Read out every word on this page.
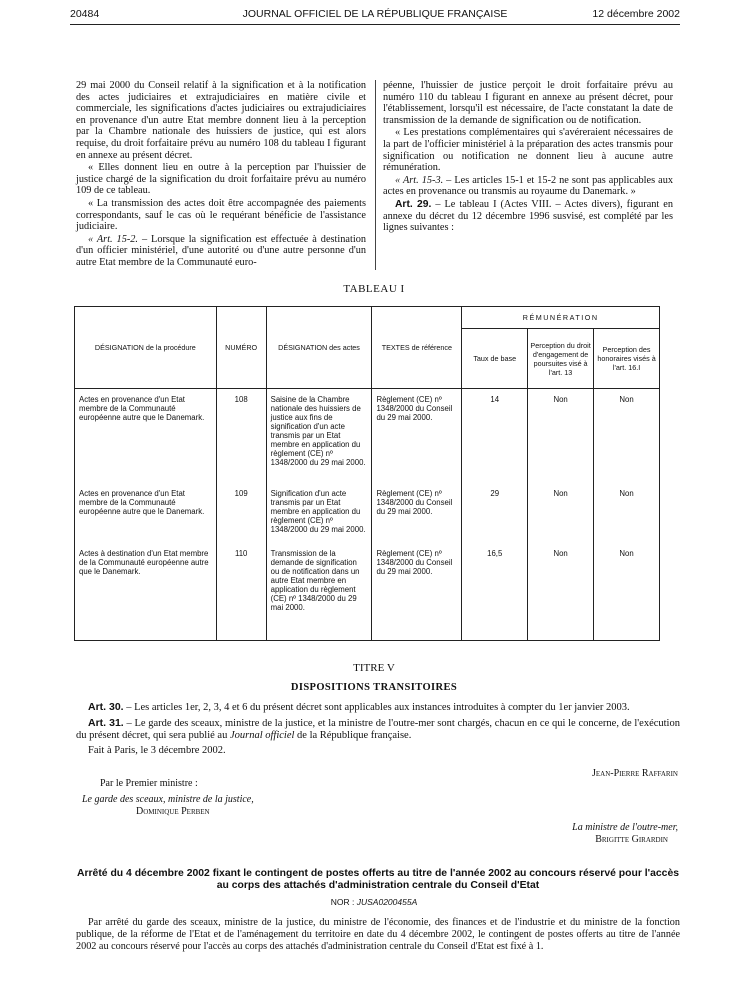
20484	JOURNAL OFFICIEL DE LA RÉPUBLIQUE FRANÇAISE	12 décembre 2002

29 mai 2000 du Conseil relatif à la signification et à la notification des actes judiciaires et extrajudiciaires en matière civile et commerciale, les significations d'actes judiciaires ou extrajudiciaires en provenance d'un autre Etat membre donnent lieu à la perception par la Chambre nationale des huissiers de justice, qui est alors requise, du droit forfaitaire prévu au numéro 108 du tableau I figurant en annexe au présent décret.

« Elles donnent lieu en outre à la perception par l'huissier de justice chargé de la signification du droit forfaitaire prévu au numéro 109 de ce tableau.

« La transmission des actes doit être accompagnée des paiements correspondants, sauf le cas où le requérant bénéficie de l'assistance judiciaire.

« Art. 15-2. – Lorsque la signification est effectuée à destination d'un officier ministériel, d'une autorité ou d'une autre personne d'un autre Etat membre de la Communauté euro-

péenne, l'huissier de justice perçoit le droit forfaitaire prévu au numéro 110 du tableau I figurant en annexe au présent décret, pour l'établissement, lorsqu'il est nécessaire, de l'acte constatant la date de transmission de la demande de signification ou de notification.

« Les prestations complémentaires qui s'avéreraient nécessaires de la part de l'officier ministériel à la préparation des actes transmis pour signification ou notification ne donnent lieu à aucune autre rémunération.

« Art. 15-3. – Les articles 15-1 et 15-2 ne sont pas applicables aux actes en provenance ou transmis au royaume du Danemark. »

Art. 29. – Le tableau I (Actes VIII. – Actes divers), figurant en annexe du décret du 12 décembre 1996 susvisé, est complété par les lignes suivantes :

TABLEAU I
DÉSIGNATION de la procédure	NUMÉRO	DÉSIGNATION des actes	TEXTES de référence	RÉMUNÉRATION		
				Taux de base	Perception du droit d'engagement de poursuites visé à l'art. 13	Perception des honoraires visés à l'art. 16.I
Actes en provenance d'un Etat membre de la Communauté européenne autre que le Danemark.	108	Saisine de la Chambre nationale des huissiers de justice aux fins de signification d'un acte transmis par un Etat membre en application du règlement (CE) nº 1348/2000 du 29 mai 2000.	Règlement (CE) nº 1348/2000 du Conseil du 29 mai 2000.	14	Non	Non
Actes en provenance d'un Etat membre de la Communauté européenne autre que le Danemark.	109	Signification d'un acte transmis par un Etat membre en application du règlement (CE) nº 1348/2000 du 29 mai 2000.	Règlement (CE) nº 1348/2000 du Conseil du 29 mai 2000.	29	Non	Non
Actes à destination d'un Etat membre de la Communauté européenne autre que le Danemark.	110	Transmission de la demande de signification ou de notification dans un autre Etat membre en application du règlement (CE) nº 1348/2000 du 29 mai 2000.	Règlement (CE) nº 1348/2000 du Conseil du 29 mai 2000.	16,5	Non	Non
TITRE V
DISPOSITIONS TRANSITOIRES

Art. 30. – Les articles 1er, 2, 3, 4 et 6 du présent décret sont applicables aux instances introduites à compter du 1er janvier 2003.

Art. 31. – Le garde des sceaux, ministre de la justice, et la ministre de l'outre-mer sont chargés, chacun en ce qui le concerne, de l'exécution du présent décret, qui sera publié au Journal officiel de la République française.

Fait à Paris, le 3 décembre 2002.

Jean-Pierre Raffarin
Par le Premier ministre :
Le garde des sceaux, ministre de la justice,
Dominique Perben
La ministre de l'outre-mer,
Brigitte Girardin
Arrêté du 4 décembre 2002 fixant le contingent de postes offerts au titre de l'année 2002 au concours réservé pour l'accès au corps des attachés d'administration centrale du Conseil d'Etat
NOR : JUSA0200455A

Par arrêté du garde des sceaux, ministre de la justice, du ministre de l'économie, des finances et de l'industrie et du ministre de la fonction publique, de la réforme de l'Etat et de l'aménagement du territoire en date du 4 décembre 2002, le contingent de postes offerts au titre de l'année 2002 au concours réservé pour l'accès au corps des attachés d'administration centrale du Conseil d'Etat est fixé à 1.
